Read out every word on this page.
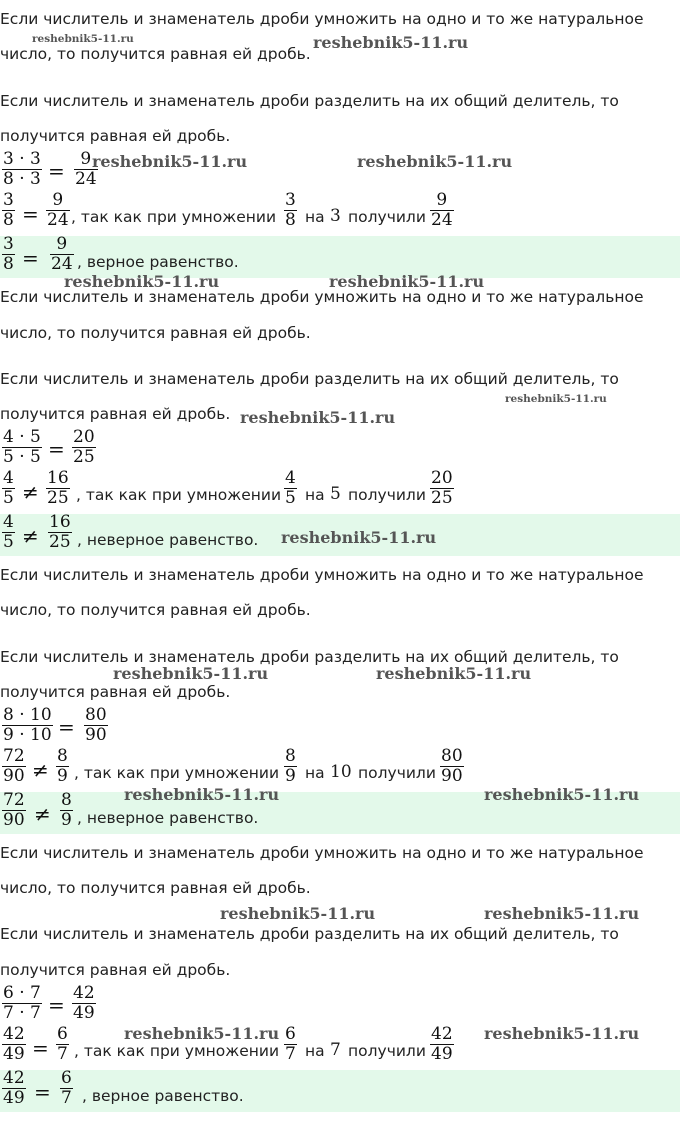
Если числитель и знаменатель дроби умножить на одно и то же натуральное
число, то получится равная ей дробь.
Если числитель и знаменатель дроби разделить на их общий делитель, то
получится равная ей дробь.
3 · 3
8 · 3 = 9
24
3
8 =
9
24 , так как при умножении
3
8 на 3 получили
9
24
3
8 =
9
24 , верное равенство.
Если числитель и знаменатель дроби умножить на одно и то же натуральное
число, то получится равная ей дробь.
Если числитель и знаменатель дроби разделить на их общий делитель, то
получится равная ей дробь.
4 · 5
5 · 5 = 20
25
4
5 ≠
16
25 , так как при умножении
4
5 на 5 получили
20
25
4
5 ≠
16
25 , неверное равенство.
Если числитель и знаменатель дроби умножить на одно и то же натуральное
число, то получится равная ей дробь.
Если числитель и знаменатель дроби разделить на их общий делитель, то
получится равная ей дробь.
8 · 10
9 · 10 = 80
90
72
90 ≠
8
9 , так как при умножении
8
9 на 10 получили
80
90
72
90 ≠
8
9 , неверное равенство.
Если числитель и знаменатель дроби умножить на одно и то же натуральное
число, то получится равная ей дробь.
Если числитель и знаменатель дроби разделить на их общий делитель, то
получится равная ей дробь.
6 · 7
7 · 7 = 42
49
42
49 =
6
7 , так как при умножении
6
7 на 7 получили
42
49
42
49 =
6
7 , верное равенство.
reshebnik5-11.ru	reshebnik5-11.ru
reshebnik5-11.ru	reshebnik5-11.ru
reshebnik5-11.ru	reshebnik5-11.ru
reshebnik5-11.ru
reshebnik5-11.ru
reshebnik5-11.ru
reshebnik5-11.ru	reshebnik5-11.ru
reshebnik5-11.ru	reshebnik5-11.ru
reshebnik5-11.ru	reshebnik5-11.ru
reshebnik5-11.ru	reshebnik5-11.ru
